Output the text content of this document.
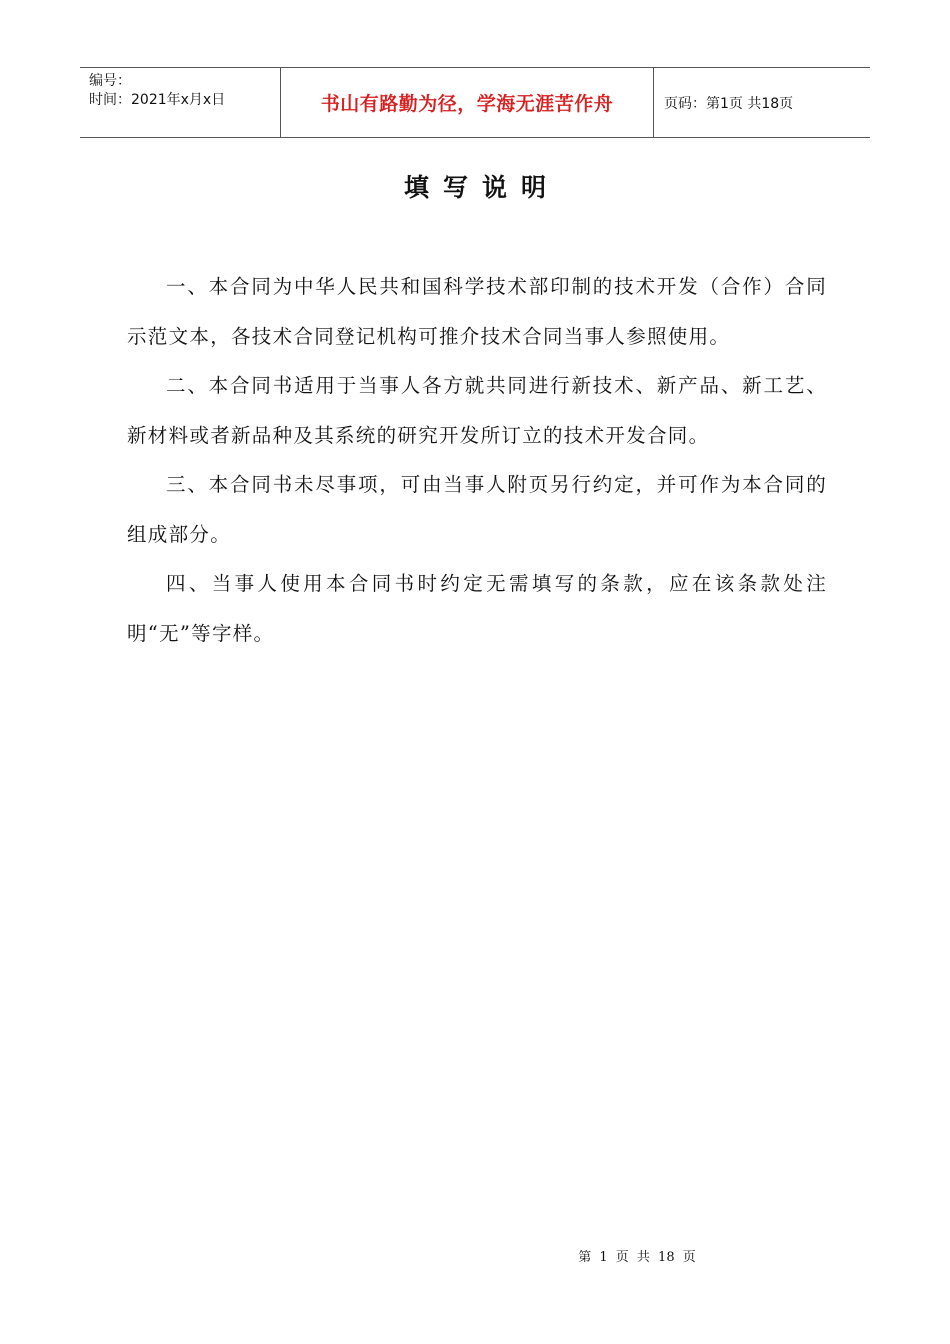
编号：
时间：2021年x月x日	书山有路勤为径，学海无涯苦作舟	页码：第1页 共18页
填写说明

一、本合同为中华人民共和国科学技术部印制的技术开发（合作）合同示范文本，各技术合同登记机构可推介技术合同当事人参照使用。

二、本合同书适用于当事人各方就共同进行新技术、新产品、新工艺、新材料或者新品种及其系统的研究开发所订立的技术开发合同。

三、本合同书未尽事项，可由当事人附页另行约定，并可作为本合同的组成部分。

四、当事人使用本合同书时约定无需填写的条款，应在该条款处注明“无”等字样。

第 1 页 共 18 页
